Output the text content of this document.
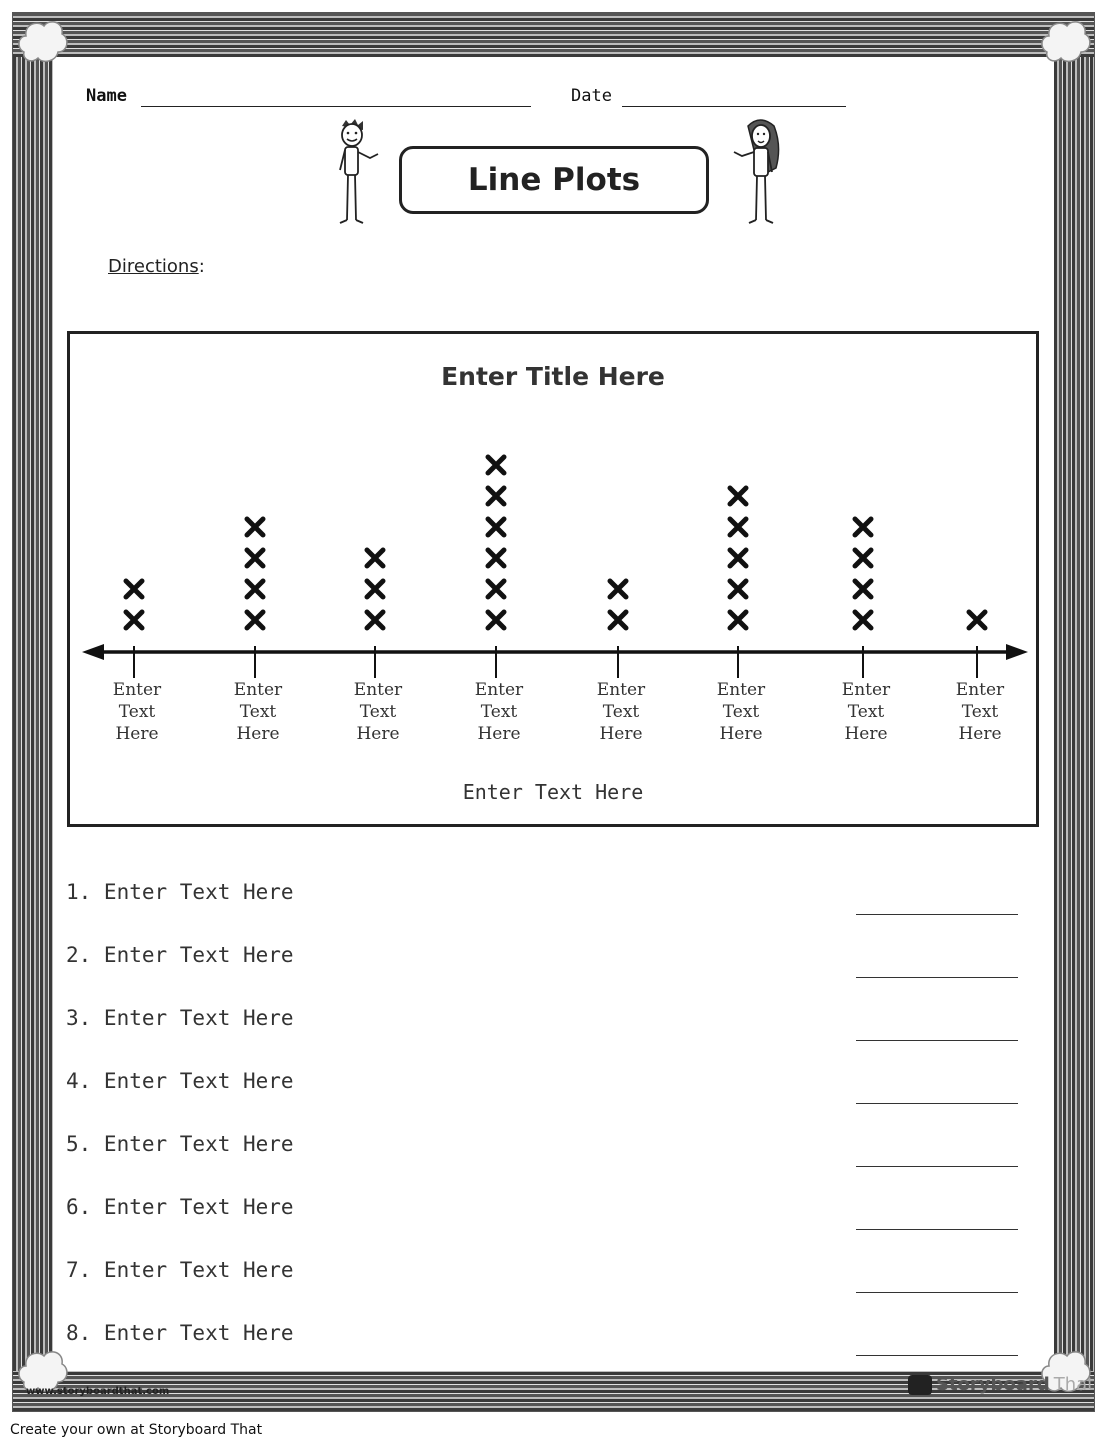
Name	Date
Line Plots
Directions:
Enter Title Here
Enter
Text
Here
Enter
Text
Here
Enter
Text
Here
Enter
Text
Here
Enter
Text
Here
Enter
Text
Here
Enter
Text
Here
Enter
Text
Here
Enter Text Here
1. Enter Text Here
2. Enter Text Here
3. Enter Text Here
4. Enter Text Here
5. Enter Text Here
6. Enter Text Here
7. Enter Text Here
8. Enter Text Here
www.storyboardthat.com	Storyboard That
Create your own at Storyboard That
